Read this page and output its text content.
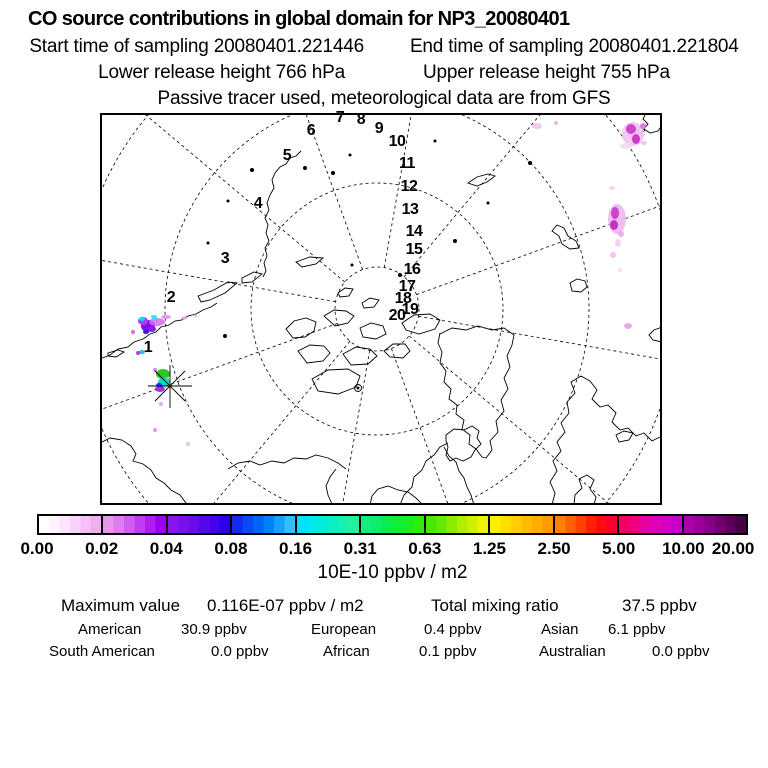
CO source contributions in global domain for NP3_20080401
Start time of sampling 20080401.221446 End time of sampling 20080401.221804
Lower release height 766 hPa	Upper release height 755 hPa
Passive tracer used, meteorological data are from GFS
1
2
3
4
5
6
7 8
9
10
11
12
13
14
15
16
17
18
19
20
0.00 0.02 0.04 0.08 0.16 0.31 0.63 1.25 2.50 5.00 10.00 20.00
10E-10 ppbv / m2
Maximum value 0.116E-07 ppbv / m2	Total mixing ratio	37.5 ppbv
American	30.9 ppbv	European	0.4 ppbv	Asian 6.1 ppbv
South American	0.0 ppbv	African	0.1 ppbv	Australian	0.0 ppbv
